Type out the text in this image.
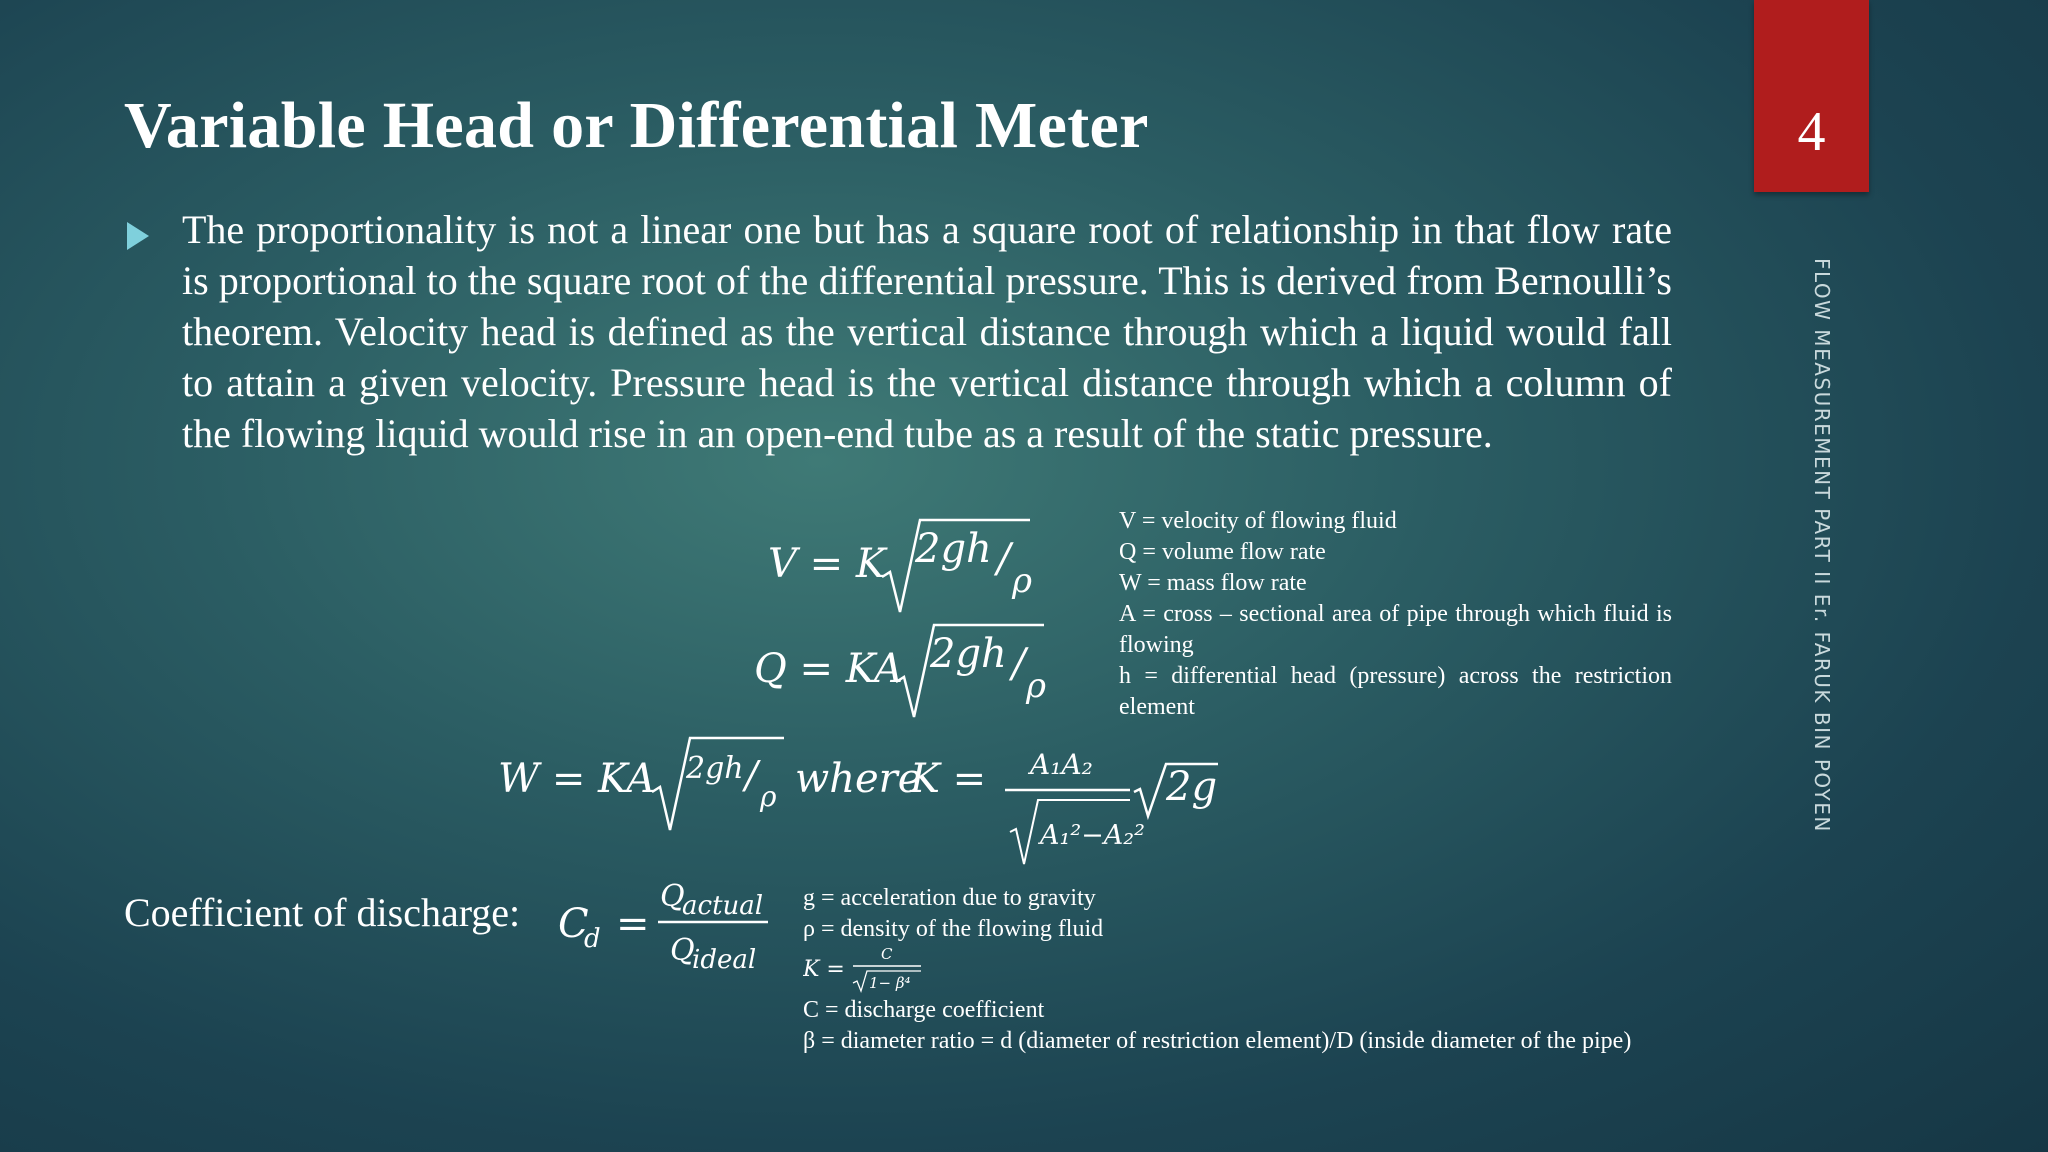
Variable Head or Differential Meter	4
FLOW MEASUREMENT PART II Er. FARUK BIN POYEN
The proportionality is not a linear one but has a square root of relationship in that flow rate is proportional to the square root of the differential pressure. This is derived from Bernoulli’s theorem. Velocity head is defined as the vertical distance through which a liquid would fall to attain a given velocity. Pressure head is the vertical distance through which a column of the flowing liquid would rise in an open-end tube as a result of the static pressure.
V = K 2gh / ρ
Q = KA 2gh / ρ
W = KA 2gh / ρ where
K = A₁A₂
A₁²−A₂²
2g
Coefficient of discharge: C
d =
Q
actual
Q
ideal
V = velocity of flowing fluid
Q = volume flow rate
W = mass flow rate
A = cross – sectional area of pipe through which fluid is flowing
h = differential head (pressure) across the restriction element
g = acceleration due to gravity
ρ = density of the flowing fluid
K =
C
1− β⁴
C = discharge coefficient
β = diameter ratio = d (diameter of restriction element)/D (inside diameter of the pipe)
